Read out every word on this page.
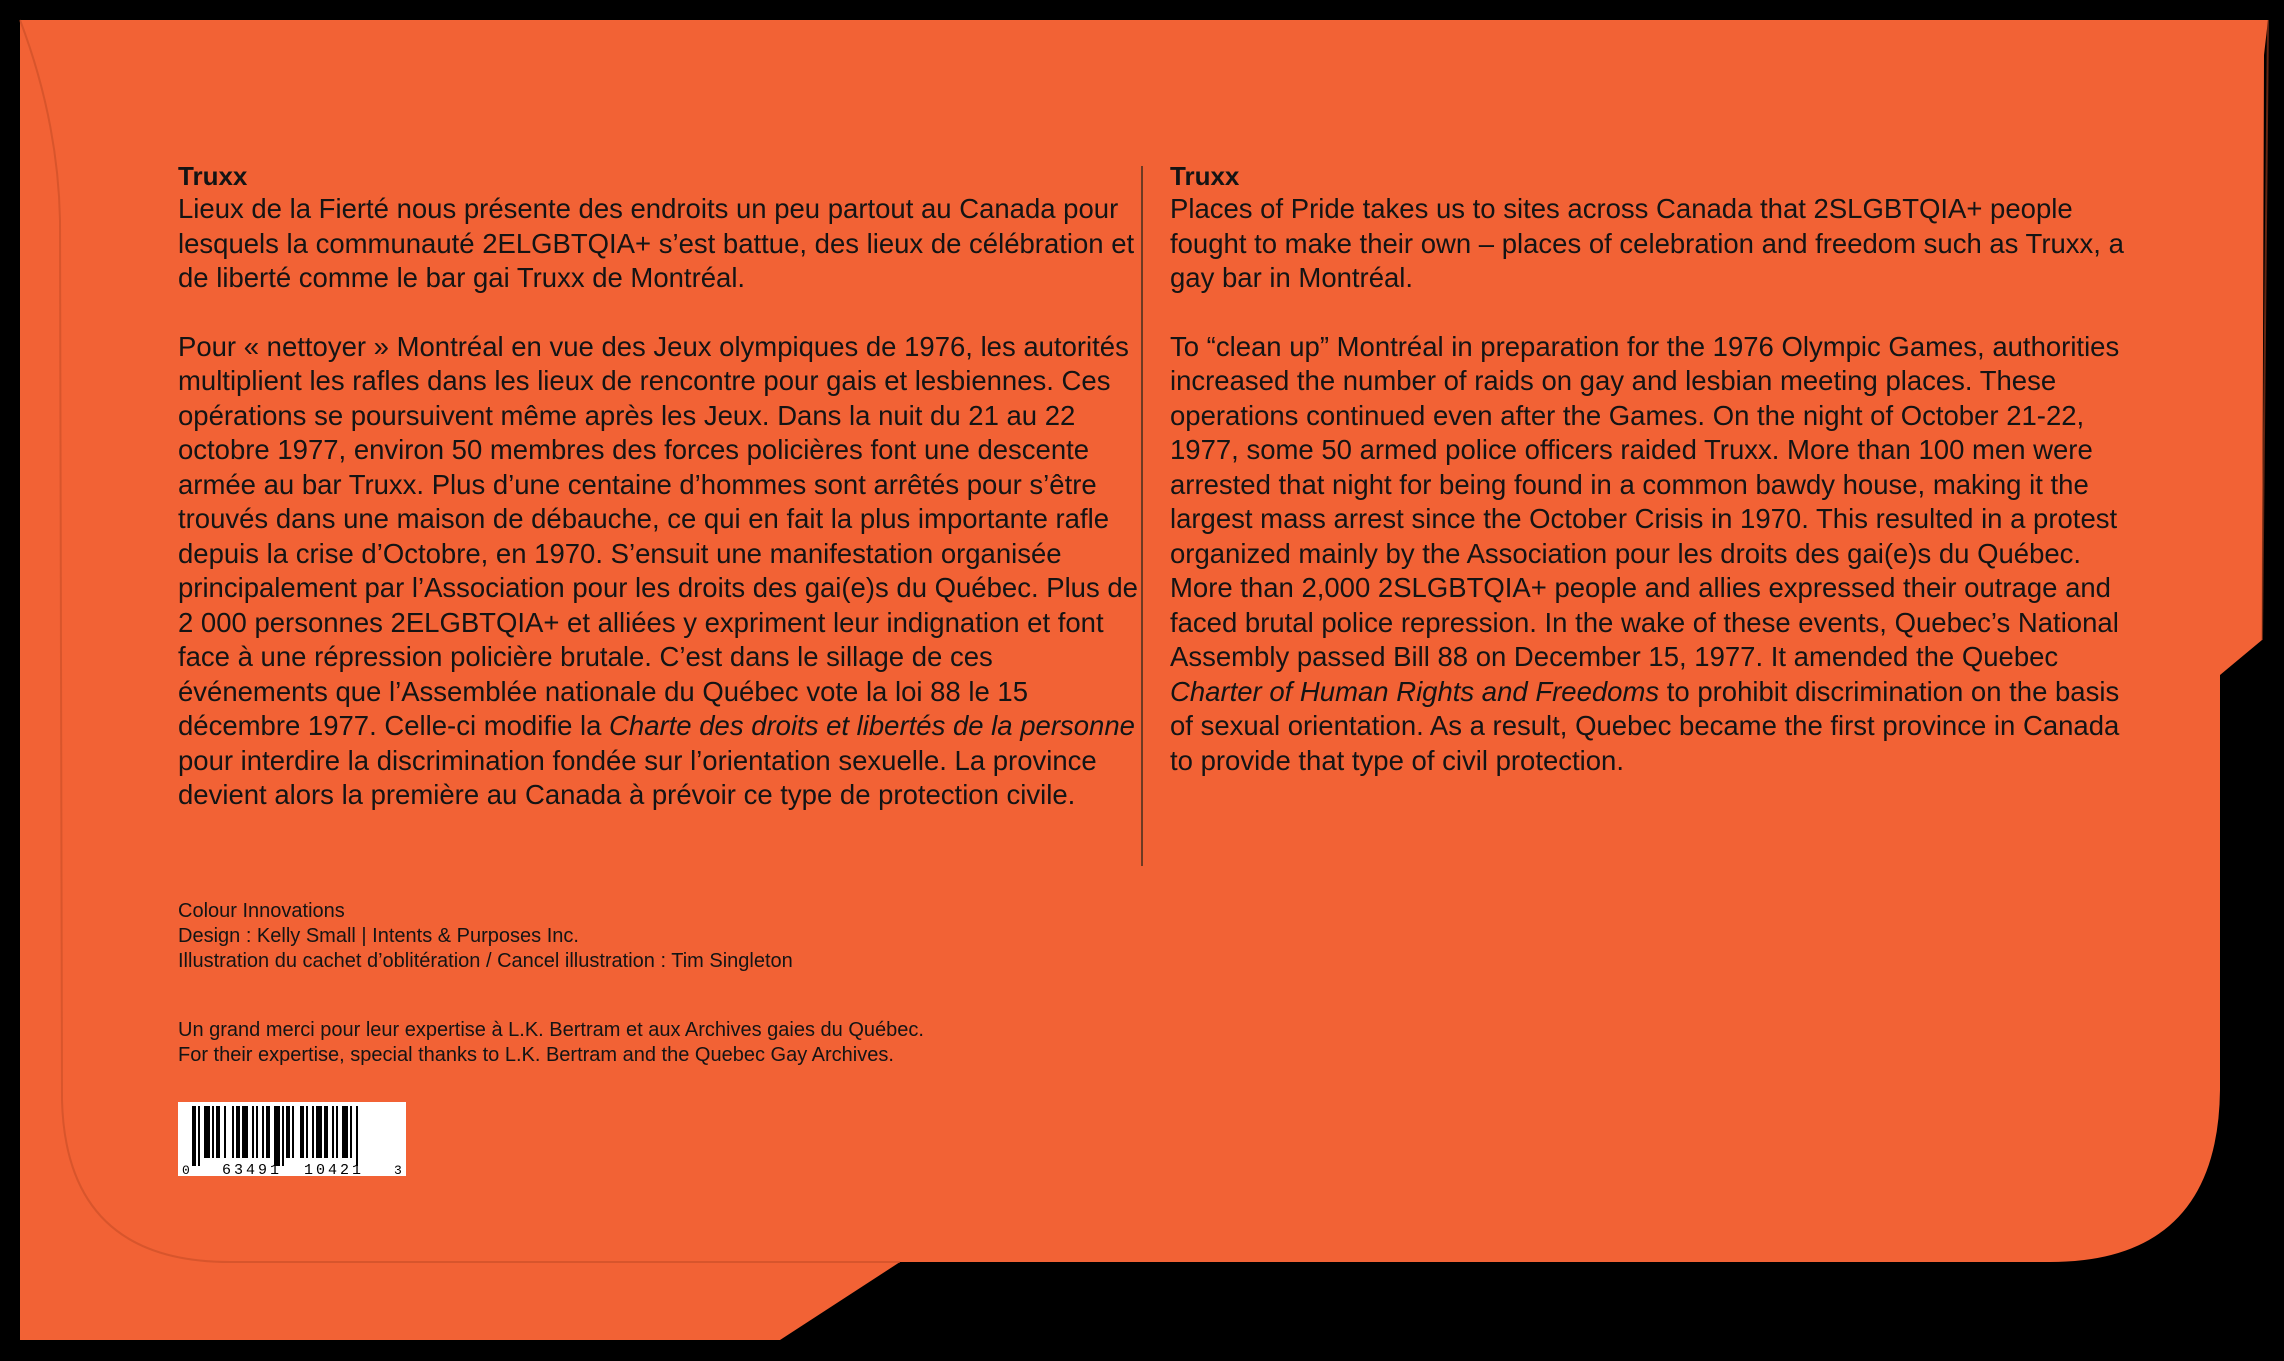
Truxx

Lieux de la Fierté nous présente des endroits un peu partout au Canada pour lesquels la communauté 2ELGBTQIA+ s’est battue, des lieux de célébration et de liberté comme le bar gai Truxx de Montréal.

Pour « nettoyer » Montréal en vue des Jeux olympiques de 1976, les autorités multiplient les rafles dans les lieux de rencontre pour gais et lesbiennes. Ces opérations se poursuivent même après les Jeux. Dans la nuit du 21 au 22 octobre 1977, environ 50 membres des forces policières font une descente armée au bar Truxx. Plus d’une centaine d’hommes sont arrêtés pour s’être trouvés dans une maison de débauche, ce qui en fait la plus importante rafle depuis la crise d’Octobre, en 1970. S’ensuit une manifestation organisée principalement par l’Association pour les droits des gai(e)s du Québec. Plus de 2 000 personnes 2ELGBTQIA+ et alliées y expriment leur indignation et font face à une répression policière brutale. C’est dans le sillage de ces événements que l’Assemblée nationale du Québec vote la loi 88 le 15 décembre 1977. Celle-ci modifie la Charte des droits et libertés de la personne pour interdire la discrimination fondée sur l’orientation sexuelle. La province devient alors la première au Canada à prévoir ce type de protection civile.

Truxx

Places of Pride takes us to sites across Canada that 2SLGBTQIA+ people fought to make their own – places of celebration and freedom such as Truxx, a gay bar in Montréal.

To “clean up” Montréal in preparation for the 1976 Olympic Games, authorities increased the number of raids on gay and lesbian meeting places. These operations continued even after the Games. On the night of October 21-22, 1977, some 50 armed police officers raided Truxx. More than 100 men were arrested that night for being found in a common bawdy house, making it the largest mass arrest since the October Crisis in 1970. This resulted in a protest organized mainly by the Association pour les droits des gai(e)s du Québec. More than 2,000 2SLGBTQIA+ people and allies expressed their outrage and faced brutal police repression. In the wake of these events, Quebec’s National Assembly passed Bill 88 on December 15, 1977. It amended the Quebec Charter of Human Rights and Freedoms to prohibit discrimination on the basis of sexual orientation. As a result, Quebec became the first province in Canada to provide that type of civil protection.

Colour Innovations
Design : Kelly Small | Intents & Purposes Inc.
Illustration du cachet d’oblitération / Cancel illustration : Tim Singleton
Un grand merci pour leur expertise à L.K. Bertram et aux Archives gaies du Québec.
For their expertise, special thanks to L.K. Bertram and the Quebec Gay Archives.
0 63491 10421 3
